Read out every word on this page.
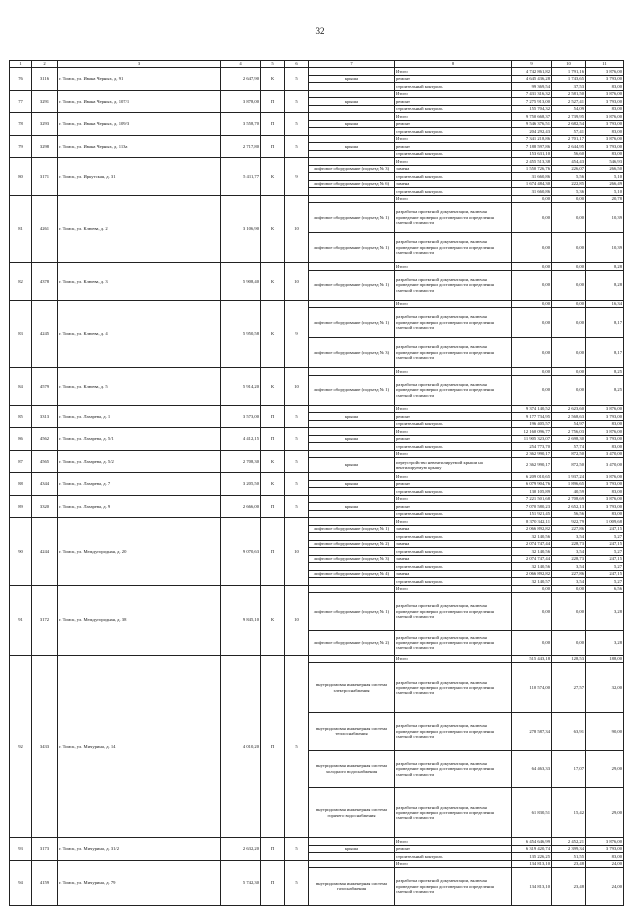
32
1	2	3	4	5	6	7	8	9	10	11
76	3116	г. Томск, ул. Ивана Черных, д. 91	2 647,90	К	5		Итого	4 742 861,82	1 791,16	3 876,00
						крыша	ремонт	4 645 436,28	1 743,65	3 793,00
							строительный контроль	99 369,54	37,53	83,00
77	3291	г. Томск, ул. Ивана Черных, д. 107/1	3 878,00	П	5		Итого	7 431 316,32	2 581,50	3 876,00
						крыша	ремонт	7 275 913,00	2 527,41	3 793,00
							строительный контроль	155 704,32	54,09	83,00
78	3293	г. Томск, ул. Ивана Черных, д. 109/3	3 558,70	П	5		Итого	9 750 668,37	2 739,95	3 876,00
						крыша	ремонт	9 546 376,51	2 682,54	3 793,00
							строительный контроль	204 292,43	57,41	83,00
79	3298	г. Томск, ул. Ивана Черных, д. 113а	2 717,80	П	5		Итого	7 341 218,86	2 701,17	3 876,00
						крыша	ремонт	7 188 597,86	2 644,95	3 793,00
							строительный контроль	153 631,10	56,60	83,00
80	3171	г. Томск, ул. Иркутская, д. 31	5 411,77	К	9		Итого	2 455 513,38	454,43	546,93
						лифтовое оборудование (подъезд № 3)	замена	1 550 726,76	226,07	266,50
							строительный контроль	31 660,86	5,56	5,10
						лифтовое оборудование (подъезд № 6)	замена	1 674 484,30	222,85	266,49
							строительный контроль	31 660,86	5,36	5,10
81	4261	г. Томск, ул. Клюева, д. 2	3 106,90	К	10		Итого	0,00	0,00	20,78
						лифтовое оборудование (подъезд № 1)	разработка проектной документации, включая проведение проверки достоверности определения сметной стоимости	0,00	0,00	10,39
						лифтовое оборудование (подъезд № 1)	разработка проектной документации, включая проведение проверки достоверности определения сметной стоимости	0,00	0,00	10,39
82	4378	г. Томск, ул. Клюева, д. 3	5 908,40	К	10		Итого	0,00	0,00	8,28
						лифтовое оборудование (подъезд № 1)	разработка проектной документации, включая проведение проверки достоверности определения сметной стоимости	0,00	0,00	8,28
83	4245	г. Томск, ул. Клюева, д. 4	5 950,58	К	9		Итого	0,00	0,00	16,34
						лифтовое оборудование (подъезд № 1)	разработка проектной документации, включая проведение проверки достоверности определения сметной стоимости	0,00	0,00	8,17
						лифтовое оборудование (подъезд № 3)	разработка проектной документации, включая проведение проверки достоверности определения сметной стоимости	0,00	0,00	8,17
84	4579	г. Томск, ул. Клюева, д. 5	5 914,20	К	10		Итого	0,00	0,00	8,25
						лифтовое оборудование (подъезд № 1)	разработка проектной документации, включая проведение проверки достоверности определения сметной стоимости	0,00	0,00	8,25
85	3313	г. Томск, ул. Лазарева, д. 1	3 573,00	П	5		Итого	9 374 140,52	2 623,60	3 876,00
						крыша	ремонт	9 177 734,95	2 568,63	3 793,00
							строительный контроль	196 405,57	54,97	83,00
86	4562	г. Томск, ул. Лазарева, д. 5/1	4 412,15	П	5		Итого	12 160 096,77	2 756,03	3 876,00
						крыша	ремонт	11 905 323,07	2 698,30	3 793,00
							строительный контроль	254 773,70	57,74	83,00
87	4565	г. Томск, ул. Лазарева, д. 5/2	2 708,30	К	5		Итого	2 362 990,17	872,50	3 470,00
						крыша	переустройство невентилируемой крыши на вентилируемую крышу	2 362 990,17	872,50	3 470,00
88	4344	г. Томск, ул. Лазарева, д. 7	3 205,50	К	5		Итого	6 209 010,65	1 937,24	3 876,00
						крыша	ремонт	6 079 904,76	1 896,65	3 793,00
							строительный контроль	130 105,89	40,59	83,00
89	3320	г. Томск, ул. Лазарева, д. 9	2 666,00	П	5		Итого	7 221 501,68	2 708,69	3 876,00
						крыша	ремонт	7 070 580,23	2 652,13	3 793,00
							строительный контроль	151 921,45	56,56	83,00
90	4244	г. Томск, ул. Междугородная, д. 20	9 070,63	П	10		Итого	8 370 342,11	922,79	1 009,68
						лифтовое оборудование (подъезд № 1)	замена	2 066 892,82	227,86	247,15
							строительный контроль	32 140,56	3,54	5,27
						лифтовое оборудование (подъезд № 2)	замена	2 074 747,44	228,73	247,15
							строительный контроль	32 140,56	3,54	5,27
						лифтовое оборудование (подъезд № 3)	замена	2 074 747,44	228,73	247,15
							строительный контроль	32 140,56	3,54	5,27
						лифтовое оборудование (подъезд № 4)	замена	2 066 892,82	227,86	247,15
							строительный контроль	32 140,57	3,54	5,27
91	3172	г. Томск, ул. Междугородная, д. 38	9 845,10	К	10		Итого	0,00	0,00	6,56
						лифтовое оборудование (подъезд № 1)	разработка проектной документации, включая проведение проверки достоверности определения сметной стоимости	0,00	0,00	3,28
						лифтовое оборудование (подъезд № 2)	разработка проектной документации, включая проведение проверки достоверности определения сметной стоимости	0,00	0,00	3,28
92	3433	г. Томск, ул. Мичурина, д. 14	4 010,20	П	5		Итого	515 443,18	128,53	188,00
						внутридомовая инженерная система электроснабжения	разработка проектной документации, включая проведение проверки достоверности определения сметной стоимости	110 574,00	27,57	32,00
						внутридомовая инженерная система теплоснабжения	разработка проектной документации, включая проведение проверки достоверности определения сметной стоимости	278 587,34	63,91	90,00
						внутридомовая инженерная система холодного водоснабжения	разработка проектной документации, включая проведение проверки достоверности определения сметной стоимости	64 463,33	17,07	29,00
						внутридомовая инженерная система горячего водоснабжения	разработка проектной документации, включая проведение проверки достоверности определения сметной стоимости	61 830,51	15,42	29,00
93	3173	г. Томск, ул. Мичурина, д. 31/2	2 632,20	П	5		Итого	6 454 646,99	2 452,21	3 876,00
						крыша	ремонт	6 319 420,74	2 399,34	3 793,00
							строительный контроль	135 226,25	51,55	83,00
94	4159	г. Томск, ул. Мичурина, д. 79	5 742,30	П	5		Итого	134 813,10	23,48	24,00
						внутридомовая инженерная система газоснабжения	разработка проектной документации, включая проведение проверки достоверности определения сметной стоимости	134 813,10	23,48	24,00
